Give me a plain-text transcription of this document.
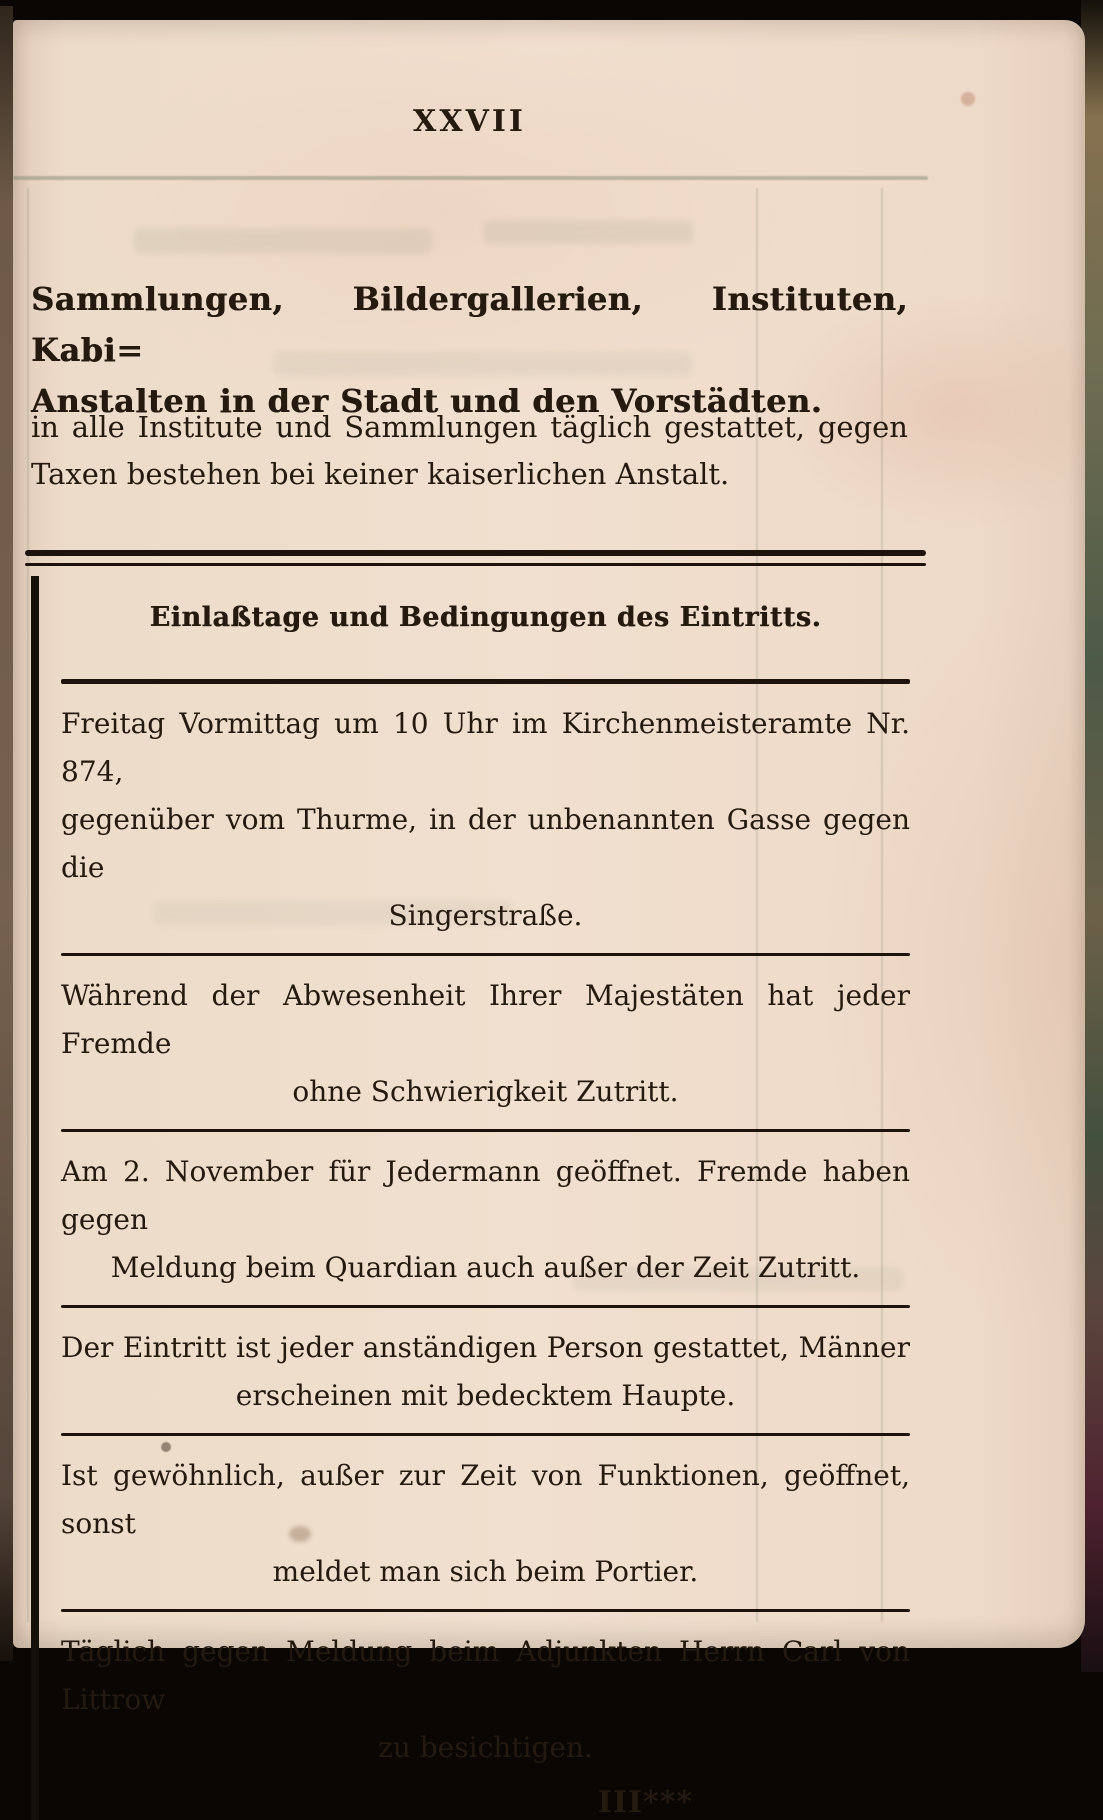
XXVII
Sammlungen, Bildergallerien, Instituten, Kabi=
Anstalten in der Stadt und den Vorstädten.
in alle Institute und Sammlungen täglich gestattet, gegen
Taxen bestehen bei keiner kaiserlichen Anstalt.
Einlaßtage und Bedingungen des Eintritts.
Freitag Vormittag um 10 Uhr im Kirchenmeisteramte Nr. 874,
gegenüber vom Thurme, in der unbenannten Gasse gegen die
Singerstraße.
Während der Abwesenheit Ihrer Majestäten hat jeder Fremde
ohne Schwierigkeit Zutritt.
Am 2. November für Jedermann geöffnet. Fremde haben gegen
Meldung beim Quardian auch außer der Zeit Zutritt.
Der Eintritt ist jeder anständigen Person gestattet, Männer
erscheinen mit bedecktem Haupte.
Ist gewöhnlich, außer zur Zeit von Funktionen, geöffnet, sonst
meldet man sich beim Portier.
Täglich gegen Meldung beim Adjunkten Herrn Carl von Littrow
zu besichtigen.
III***
